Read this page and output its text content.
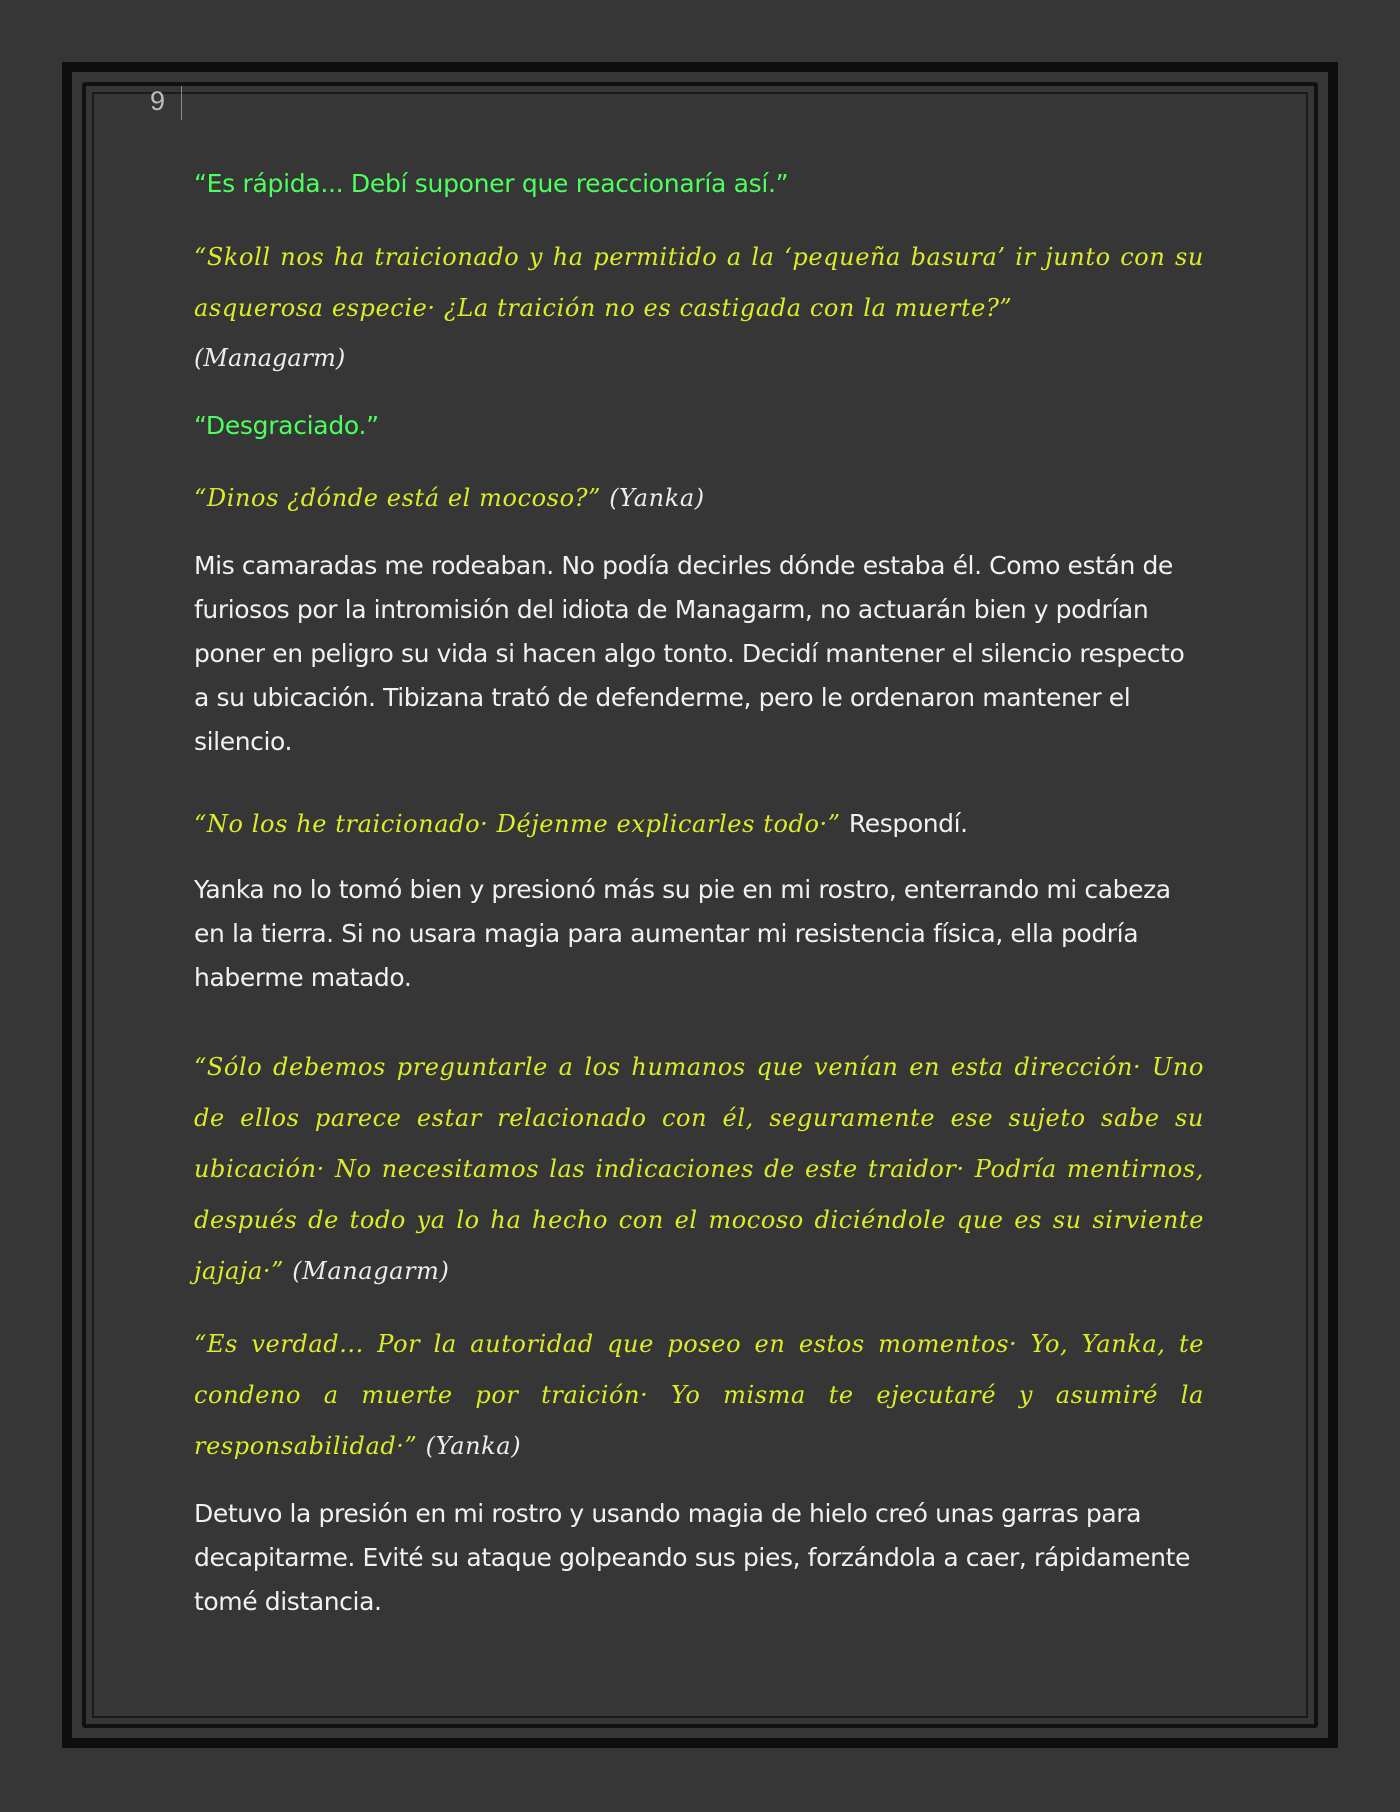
9

“Es rápida... Debí suponer que reaccionaría así.”

“Skoll nos ha traicionado y ha permitido a la ‘pequeña basura’ ir junto con su asquerosa especie· ¿La traición no es castigada con la muerte?”

(Managarm)

“Desgraciado.”

“Dinos ¿dónde está el mocoso?” (Yanka)

Mis camaradas me rodeaban. No podía decirles dónde estaba él. Como están de furiosos por la intromisión del idiota de Managarm, no actuarán bien y podrían poner en peligro su vida si hacen algo tonto. Decidí mantener el silencio respecto a su ubicación. Tibizana trató de defenderme, pero le ordenaron mantener el silencio.

“No los he traicionado· Déjenme explicarles todo·” Respondí.

Yanka no lo tomó bien y presionó más su pie en mi rostro, enterrando mi cabeza en la tierra. Si no usara magia para aumentar mi resistencia física, ella podría haberme matado.

“Sólo debemos preguntarle a los humanos que venían en esta dirección· Uno de ellos parece estar relacionado con él, seguramente ese sujeto sabe su ubicación· No necesitamos las indicaciones de este traidor· Podría mentirnos, después de todo ya lo ha hecho con el mocoso diciéndole que es su sirviente jajaja·” (Managarm)

“Es verdad... Por la autoridad que poseo en estos momentos· Yo, Yanka, te condeno a muerte por traición· Yo misma te ejecutaré y asumiré la responsabilidad·” (Yanka)

Detuvo la presión en mi rostro y usando magia de hielo creó unas garras para decapitarme. Evité su ataque golpeando sus pies, forzándola a caer, rápidamente tomé distancia.
